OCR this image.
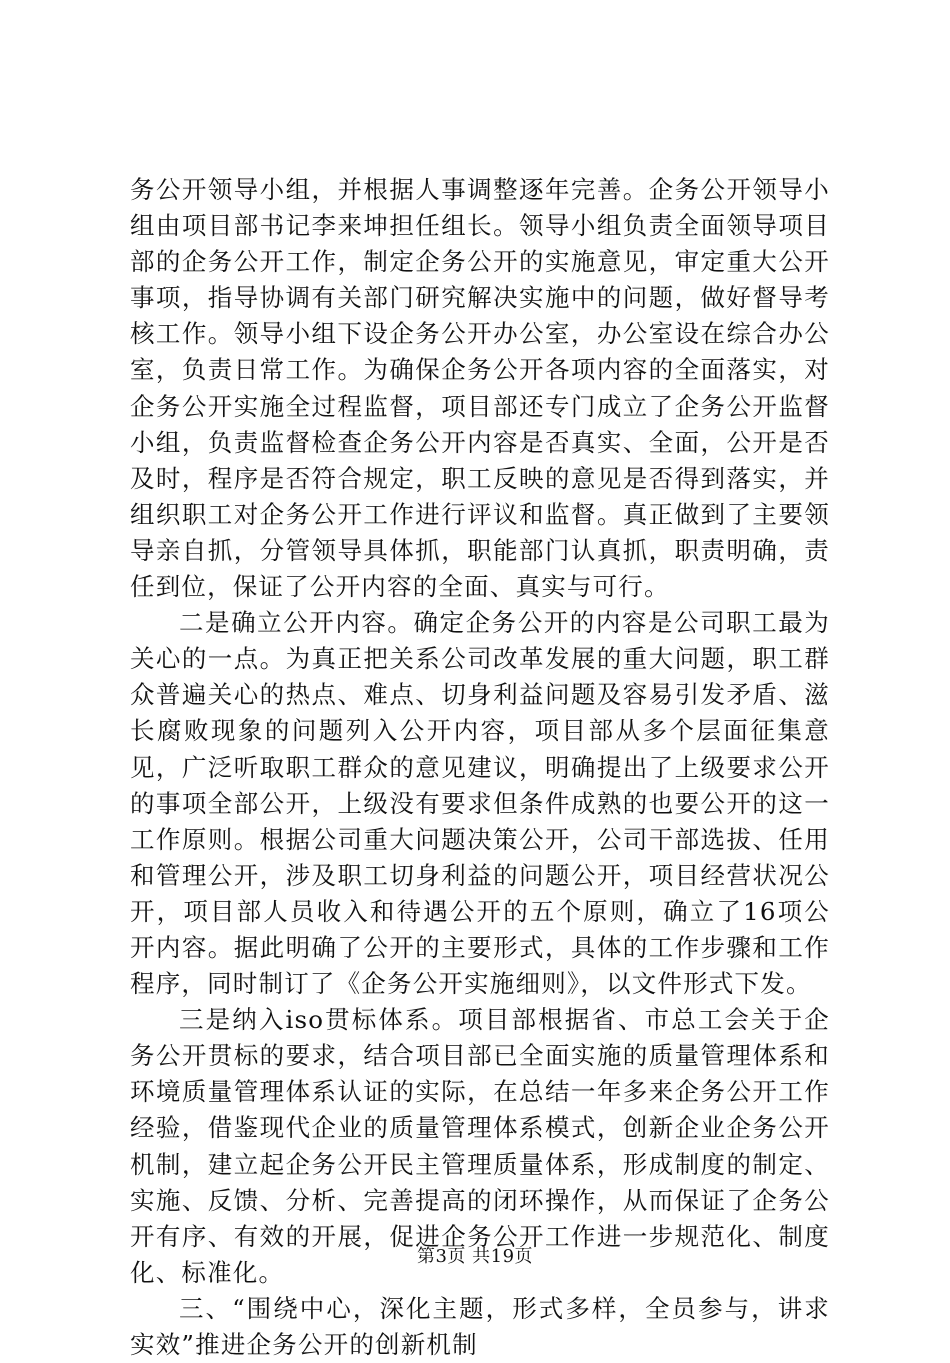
务公开领导小组，并根据人事调整逐年完善。企务公开领导小组由项目部书记李来坤担任组长。领导小组负责全面领导项目部的企务公开工作，制定企务公开的实施意见，审定重大公开事项，指导协调有关部门研究解决实施中的问题，做好督导考核工作。领导小组下设企务公开办公室，办公室设在综合办公室，负责日常工作。为确保企务公开各项内容的全面落实，对企务公开实施全过程监督，项目部还专门成立了企务公开监督小组，负责监督检查企务公开内容是否真实、全面，公开是否及时，程序是否符合规定，职工反映的意见是否得到落实，并组织职工对企务公开工作进行评议和监督。真正做到了主要领导亲自抓，分管领导具体抓，职能部门认真抓，职责明确，责任到位，保证了公开内容的全面、真实与可行。

二是确立公开内容。确定企务公开的内容是公司职工最为关心的一点。为真正把关系公司改革发展的重大问题，职工群众普遍关心的热点、难点、切身利益问题及容易引发矛盾、滋长腐败现象的问题列入公开内容，项目部从多个层面征集意见，广泛听取职工群众的意见建议，明确提出了上级要求公开的事项全部公开，上级没有要求但条件成熟的也要公开的这一工作原则。根据公司重大问题决策公开，公司干部选拔、任用和管理公开，涉及职工切身利益的问题公开，项目经营状况公开，项目部人员收入和待遇公开的五个原则，确立了16项公开内容。据此明确了公开的主要形式，具体的工作步骤和工作程序，同时制订了《企务公开实施细则》，以文件形式下发。

三是纳入iso贯标体系。项目部根据省、市总工会关于企务公开贯标的要求，结合项目部已全面实施的质量管理体系和环境质量管理体系认证的实际，在总结一年多来企务公开工作经验，借鉴现代企业的质量管理体系模式，创新企业企务公开机制，建立起企务公开民主管理质量体系，形成制度的制定、实施、反馈、分析、完善提高的闭环操作，从而保证了企务公开有序、有效的开展，促进企务公开工作进一步规范化、制度化、标准化。

三、“围绕中心，深化主题，形式多样，全员参与，讲求实效”推进企务公开的创新机制

第3页 共19页
